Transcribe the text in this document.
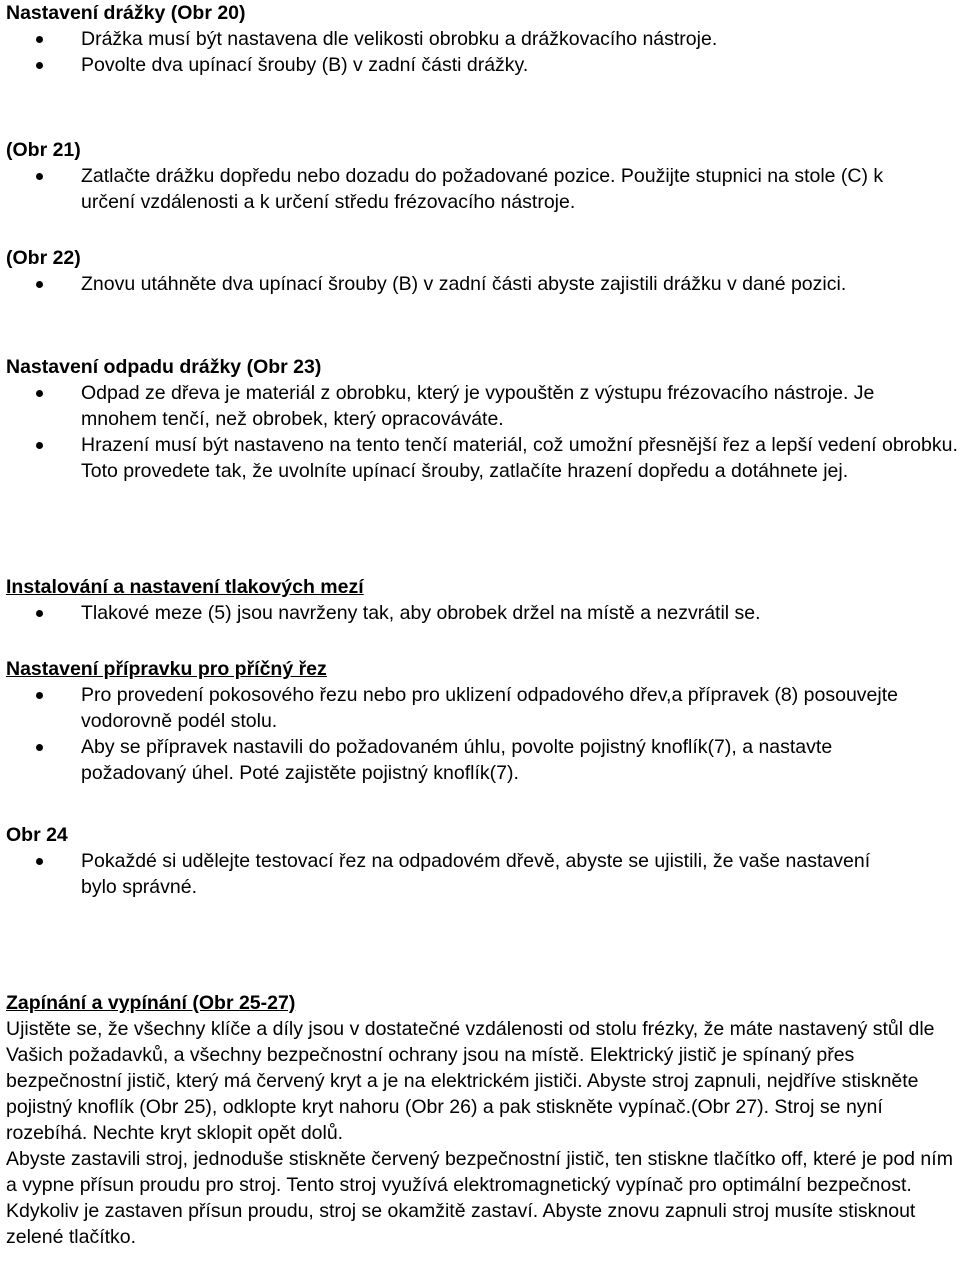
Nastavení drážky (Obr 20)
Drážka musí být nastavena dle velikosti obrobku a drážkovacího nástroje.
Povolte dva upínací šrouby (B) v zadní části drážky.
(Obr 21)
Zatlačte drážku dopředu nebo dozadu do požadované pozice. Použijte stupnici na stole (C) k určení vzdálenosti a k určení středu frézovacího nástroje.
(Obr 22)
Znovu utáhněte dva upínací šrouby (B) v zadní části abyste zajistili drážku v dané pozici.
Nastavení odpadu drážky (Obr 23)
Odpad ze dřeva je materiál z obrobku, který je vypouštěn z výstupu frézovacího nástroje. Je mnohem tenčí, než obrobek, který opracováváte.
Hrazení musí být nastaveno na tento tenčí materiál, což umožní přesnější řez a lepší vedení obrobku. Toto provedete tak, že uvolníte upínací šrouby, zatlačíte hrazení dopředu a dotáhnete jej.
Instalování a nastavení tlakových mezí
Tlakové meze (5) jsou navrženy tak, aby obrobek držel na místě a nezvrátil se.
Nastavení přípravku pro příčný řez
Pro provedení pokosového řezu nebo pro uklizení odpadového dřev,a přípravek (8) posouvejte vodorovně podél stolu.
Aby se přípravek nastavili do požadovaném úhlu, povolte pojistný knoflík(7), a nastavte požadovaný úhel. Poté zajistěte pojistný knoflík(7).
Obr 24
Pokaždé si udělejte testovací řez na odpadovém dřevě, abyste se ujistili, že vaše nastavení bylo správné.
Zapínání a vypínání (Obr 25-27)

Ujistěte se, že všechny klíče a díly jsou v dostatečné vzdálenosti od stolu frézky, že máte nastavený stůl dle Vašich požadavků, a všechny bezpečnostní ochrany jsou na místě. Elektrický jistič je spínaný přes bezpečnostní jistič, který má červený kryt a je na elektrickém jističi. Abyste stroj zapnuli, nejdříve stiskněte pojistný knoflík (Obr 25), odklopte kryt nahoru (Obr 26) a pak stiskněte vypínač.(Obr 27). Stroj se nyní rozebíhá. Nechte kryt sklopit opět dolů.

Abyste zastavili stroj, jednoduše stiskněte červený bezpečnostní jistič, ten stiskne tlačítko off, které je pod ním a vypne přísun proudu pro stroj. Tento stroj využívá elektromagnetický vypínač pro optimální bezpečnost. Kdykoliv je zastaven přísun proudu, stroj se okamžitě zastaví. Abyste znovu zapnuli stroj musíte stisknout zelené tlačítko.
